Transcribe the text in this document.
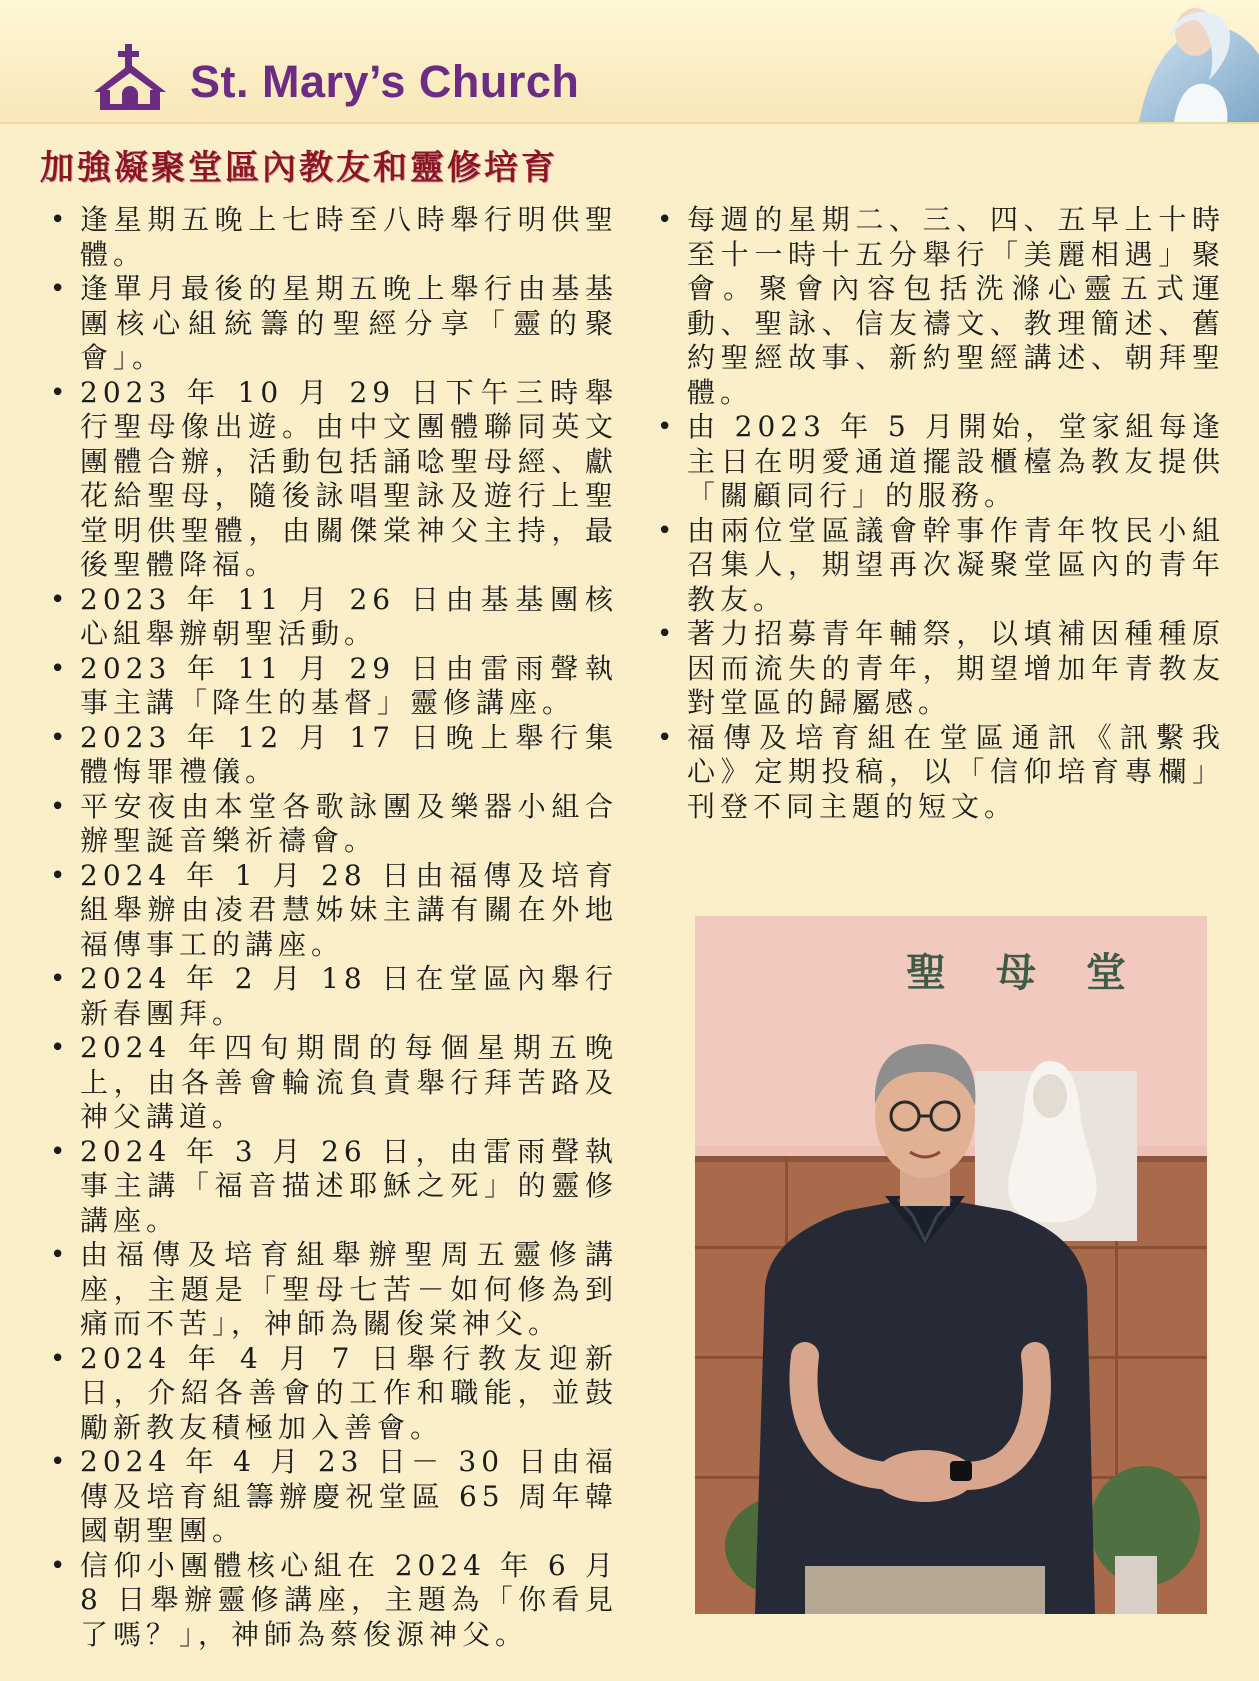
St. Mary’s Church
加強凝聚堂區內教友和靈修培育
• 逢星期五晚上七時至八時舉行明供聖體。
• 逢單月最後的星期五晚上舉行由基基團核心組統籌的聖經分享「靈的聚會」。
• 2023 年 10 月 29 日下午三時舉行聖母像出遊。由中文團體聯同英文團體合辦，活動包括誦唸聖母經、獻花給聖母，隨後詠唱聖詠及遊行上聖堂明供聖體，由關傑棠神父主持，最後聖體降福。
• 2023 年 11 月 26 日由基基團核心組舉辦朝聖活動。
• 2023 年 11 月 29 日由雷雨聲執事主講「降生的基督」靈修講座。
• 2023 年 12 月 17 日晚上舉行集體悔罪禮儀。
• 平安夜由本堂各歌詠團及樂器小組合辦聖誕音樂祈禱會。
• 2024 年 1 月 28 日由福傳及培育組舉辦由凌君慧姊妹主講有關在外地福傳事工的講座。
• 2024 年 2 月 18 日在堂區內舉行新春團拜。
• 2024 年四旬期間的每個星期五晚上，由各善會輪流負責舉行拜苦路及神父講道。
• 2024 年 3 月 26 日，由雷雨聲執事主講「福音描述耶穌之死」的靈修講座。
• 由福傳及培育組舉辦聖周五靈修講座，主題是「聖母七苦－如何修為到痛而不苦」，神師為關俊棠神父。
• 2024 年 4 月 7 日舉行教友迎新日，介紹各善會的工作和職能，並鼓勵新教友積極加入善會。
• 2024 年 4 月 23 日－ 30 日由福傳及培育組籌辦慶祝堂區 65 周年韓國朝聖團。
• 信仰小團體核心組在 2024 年 6 月 8 日舉辦靈修講座，主題為「你看見了嗎？」，神師為蔡俊源神父。
• 每週的星期二、三、四、五早上十時至十一時十五分舉行「美麗相遇」聚會。聚會內容包括洗滌心靈五式運動、聖詠、信友禱文、教理簡述、舊約聖經故事、新約聖經講述、朝拜聖體。
• 由 2023 年 5 月開始，堂家組每逢主日在明愛通道擺設櫃檯為教友提供「關顧同行」的服務。
• 由兩位堂區議會幹事作青年牧民小組召集人，期望再次凝聚堂區內的青年教友。
• 著力招募青年輔祭，以填補因種種原因而流失的青年，期望增加年青教友對堂區的歸屬感。
• 福傳及培育組在堂區通訊《訊繫我心》定期投稿，以「信仰培育專欄」刊登不同主題的短文。
聖 母 堂
